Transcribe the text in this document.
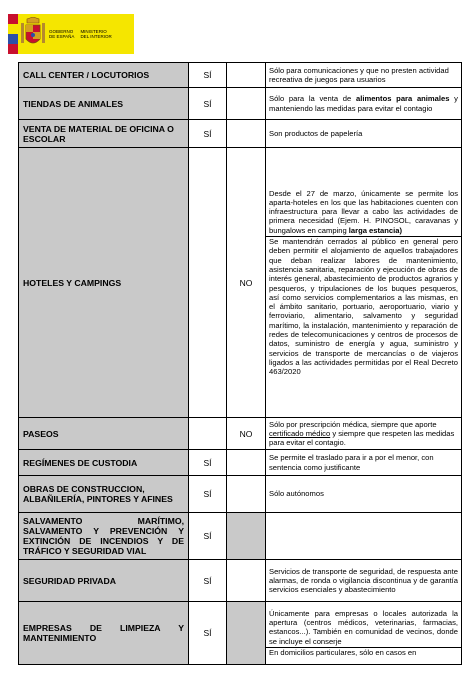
GOBIERNO
DE ESPAÑA
MINISTERIO
DEL INTERIOR
CALL CENTER / LOCUTORIOS	SÍ		Sólo para comunicaciones y que no presten actividad recreativa de juegos para usuarios

TIENDAS DE ANIMALES	SÍ		Sólo para la venta de alimentos para animales y manteniendo las medidas para evitar el contagio

VENTA DE MATERIAL DE OFICINA O ESCOLAR	SÍ		Son productos de papelería

HOTELES Y CAMPINGS		NO	Desde el 27 de marzo, únicamente se permite los aparta-hoteles en los que las habitaciones cuenten con infraestructura para llevar a cabo las actividades de primera necesidad (Ejem. H. PINOSOL, caravanas y bungalows en camping larga estancia)

Se mantendrán cerrados al público en general pero deben permitir el alojamiento de aquellos trabajadores que deban realizar labores de mantenimiento, asistencia sanitaria, reparación y ejecución de obras de interés general, abastecimiento de productos agrarios y pesqueros, y tripulaciones de los buques pesqueros, así como servicios complementarios a las mismas, en el ámbito sanitario, portuario, aeroportuario, viario y ferroviario, alimentario, salvamento y seguridad marítimo, la instalación, mantenimiento y reparación de redes de telecomunicaciones y centros de procesos de datos, suministro de energía y agua, suministro y servicios de transporte de mercancías o de viajeros ligados a las actividades permitidas por el Real Decreto 463/2020

PASEOS		NO	Sólo por prescripción médica, siempre que aporte certificado médico y siempre que respeten las medidas para evitar el contagio.

REGÍMENES DE CUSTODIA	SÍ		Se permite el traslado para ir a por el menor, con sentencia como justificante

OBRAS DE CONSTRUCCION, ALBAÑILERÍA, PINTORES Y AFINES	SÍ		Sólo autónomos

SALVAMENTO MARÍTIMO, SALVAMENTO Y PREVENCIÓN Y EXTINCIÓN DE INCENDIOS Y DE TRÁFICO Y SEGURIDAD VIAL	SÍ		

SEGURIDAD PRIVADA	SÍ		Servicios de transporte de seguridad, de respuesta ante alarmas, de ronda o vigilancia discontinua y de garantía servicios esenciales y abastecimiento

EMPRESAS DE LIMPIEZA Y MANTENIMIENTO	SÍ		Únicamente para empresas o locales autorizada la apertura (centros médicos, veterinarias, farmacias, estancos...). También en comunidad de vecinos, donde se incluye el conserje

En domicilios particulares, sólo en casos en
